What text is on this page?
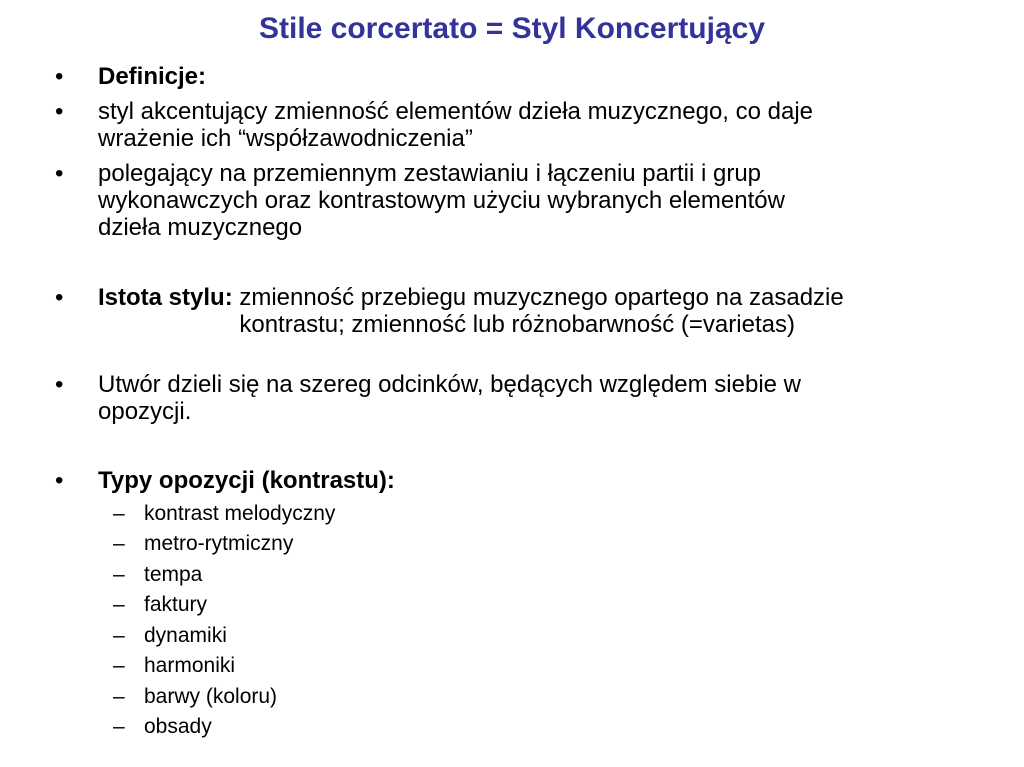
Stile corcertato = Styl Koncertujący
•	Definicje:
•	styl akcentujący zmienność elementów dzieła muzycznego, co daje
wrażenie ich “współzawodniczenia”
•	polegający na przemiennym zestawianiu i łączeniu partii i grup
wykonawczych oraz kontrastowym użyciu wybranych elementów
dzieła muzycznego
•	Istota stylu: zmienność przebiegu muzycznego opartego na zasadzie
kontrastu; zmienność lub różnobarwność (=varietas)
•	Utwór dzieli się na szereg odcinków, będących względem siebie w
opozycji.
•	Typy opozycji (kontrastu):
– kontrast melodyczny
– metro-rytmiczny
– tempa
– faktury
– dynamiki
– harmoniki
– barwy (koloru)
– obsady
